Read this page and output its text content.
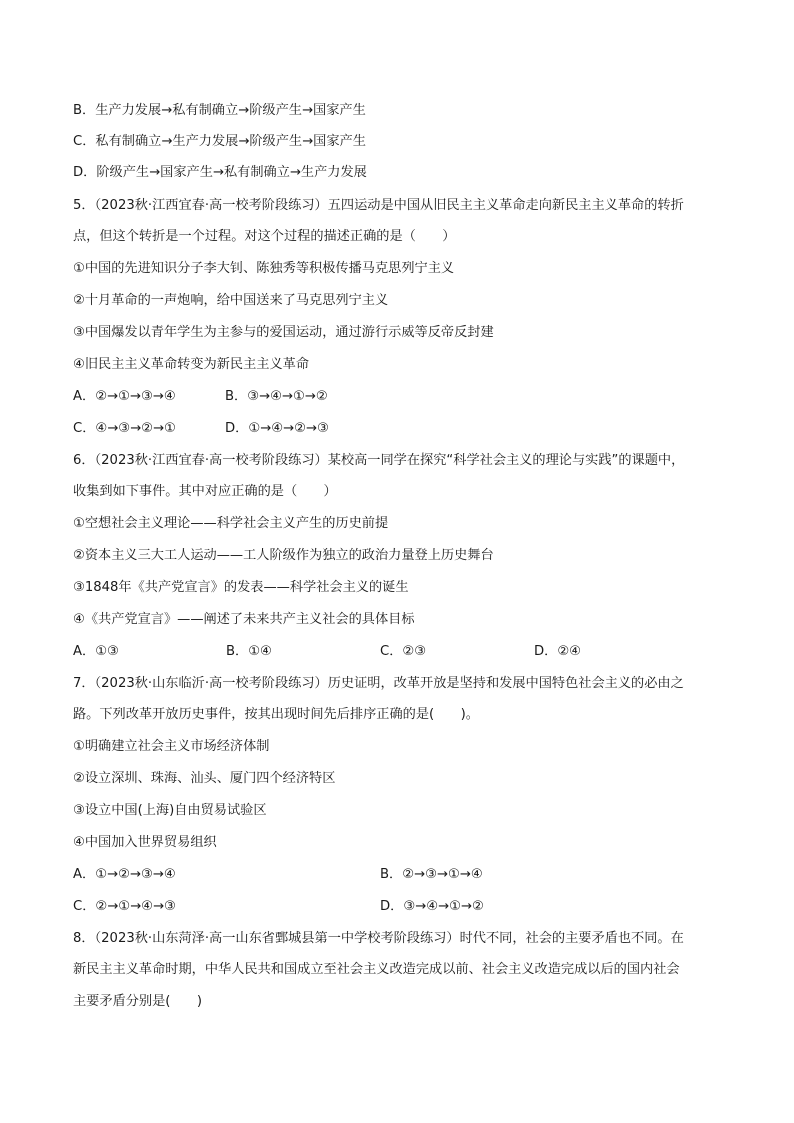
B．生产力发展→私有制确立→阶级产生→国家产生
C．私有制确立→生产力发展→阶级产生→国家产生
D．阶级产生→国家产生→私有制确立→生产力发展
5．（2023秋·江西宜春·高一校考阶段练习）五四运动是中国从旧民主主义革命走向新民主主义革命的转折
点，但这个转折是一个过程。对这个过程的描述正确的是（　　）
①中国的先进知识分子李大钊、陈独秀等积极传播马克思列宁主义
②十月革命的一声炮响，给中国送来了马克思列宁主义
③中国爆发以青年学生为主参与的爱国运动，通过游行示威等反帝反封建
④旧民主主义革命转变为新民主主义革命
A．②→①→③→④	B．③→④→①→②
C．④→③→②→①	D．①→④→②→③
6．（2023秋·江西宜春·高一校考阶段练习）某校高一同学在探究“科学社会主义的理论与实践”的课题中，
收集到如下事件。其中对应正确的是（　　）
①空想社会主义理论——科学社会主义产生的历史前提
②资本主义三大工人运动——工人阶级作为独立的政治力量登上历史舞台
③1848年《共产党宣言》的发表——科学社会主义的诞生
④《共产党宣言》——阐述了未来共产主义社会的具体目标
A．①③	B．①④	C．②③	D．②④
7．（2023秋·山东临沂·高一校考阶段练习）历史证明，改革开放是坚持和发展中国特色社会主义的必由之
路。下列改革开放历史事件，按其出现时间先后排序正确的是(　　)。
①明确建立社会主义市场经济体制
②设立深圳、珠海、汕头、厦门四个经济特区
③设立中国(上海)自由贸易试验区
④中国加入世界贸易组织
A．①→②→③→④	B．②→③→①→④
C．②→①→④→③	D．③→④→①→②
8．（2023秋·山东菏泽·高一山东省鄄城县第一中学校考阶段练习）时代不同，社会的主要矛盾也不同。在
新民主主义革命时期，中华人民共和国成立至社会主义改造完成以前、社会主义改造完成以后的国内社会
主要矛盾分别是(　　)
